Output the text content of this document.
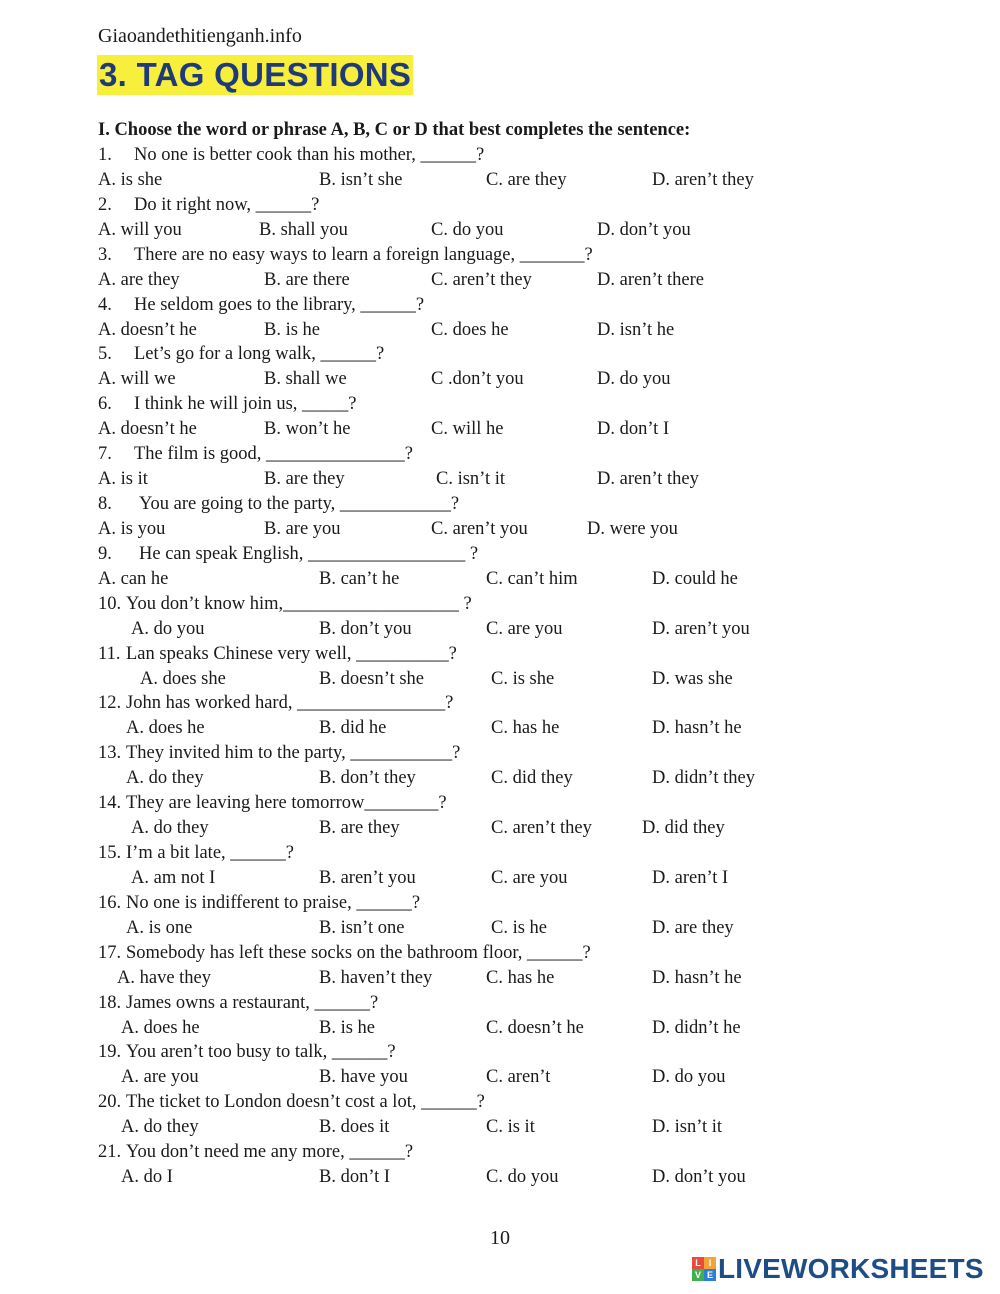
Giaoandethitienganh.info
3. TAG QUESTIONS
I. Choose the word or phrase A, B, C or D that best completes the sentence:
1. No one is better cook than his mother, ______?
A. is she	B. isn’t she	C. are they	D. aren’t they
2. Do it right now, ______?
A. will you	B. shall you	C. do you	D. don’t you
3. There are no easy ways to learn a foreign language, _______?
A. are they	B. are there	C. aren’t they	D. aren’t there
4. He seldom goes to the library, ______?
A. doesn’t he	B. is he	C. does he	D. isn’t he
5. Let’s go for a long walk, ______?
A. will we	B. shall we	C .don’t you	D. do you
6. I think he will join us, _____?
A. doesn’t he	B. won’t he	C. will he	D. don’t I
7. The film is good, _______________?
A. is it	B. are they	C. isn’t it	D. aren’t they
8. You are going to the party, ____________?
A. is you	B. are you	C. aren’t you	D. were you
9. He can speak English, _________________ ?
A. can he	B. can’t he	C. can’t him	D. could he
10. You don’t know him,___________________ ?
A. do you	B. don’t you	C. are you	D. aren’t you
11. Lan speaks Chinese very well, __________?
A. does she	B. doesn’t she	C. is she	D. was she
12. John has worked hard, ________________?
A. does he	B. did he	C. has he	D. hasn’t he
13. They invited him to the party, ___________?
A. do they	B. don’t they	C. did they	D. didn’t they
14. They are leaving here tomorrow________?
A. do they	B. are they	C. aren’t they	D. did they
15. I’m a bit late, ______?
A. am not I	B. aren’t you	C. are you	D. aren’t I
16. No one is indifferent to praise, ______?
A. is one	B. isn’t one	C. is he	D. are they
17. Somebody has left these socks on the bathroom floor, ______?
A. have they	B. haven’t they	C. has he	D. hasn’t he
18. James owns a restaurant, ______?
A. does he	B. is he	C. doesn’t he	D. didn’t he
19. You aren’t too busy to talk, ______?
A. are you	B. have you	C. aren’t	D. do you
20. The ticket to London doesn’t cost a lot, ______?
A. do they	B. does it	C. is it	D. isn’t it
21. You don’t need me any more, ______?
A. do I	B. don’t I	C. do you	D. don’t you
10
L I
V E LIVEWORKSHEETS
